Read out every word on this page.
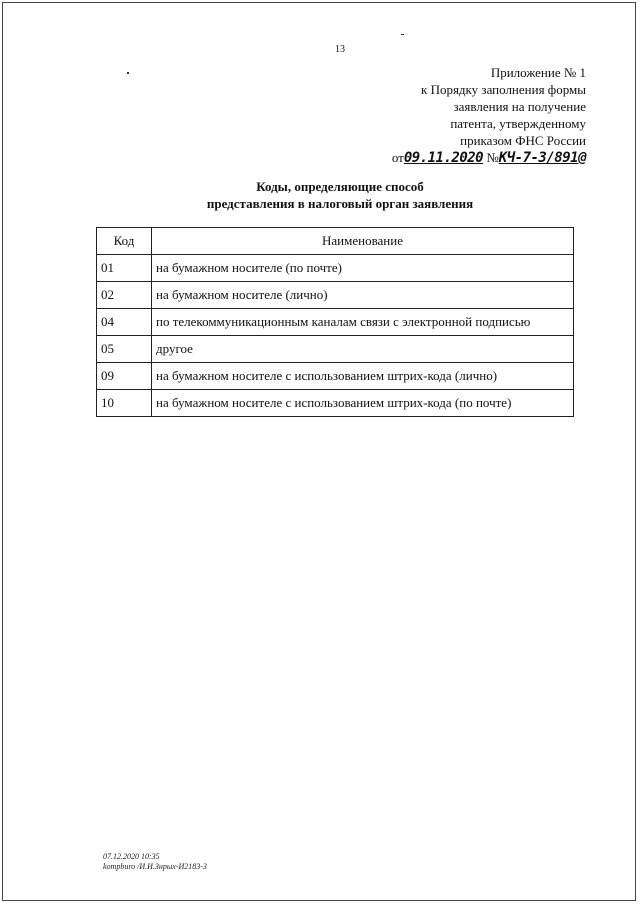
13
Приложение № 1
к Порядку заполнения формы
заявления на получение
патента, утвержденному
приказом ФНС России
от09.11.2020 №КЧ-7-3/891@
Коды, определяющие способ
представления в налоговый орган заявления
Код	Наименование
01	на бумажном носителе (по почте)
02	на бумажном носителе (лично)
04	по телекоммуникационным каналам связи с электронной подписью
05	другое
09	на бумажном носителе с использованием штрих-кода (лично)
10	на бумажном носителе с использованием штрих-кода (по почте)
07.12.2020 10:35
kompburo /И.И.Знрых-И2183-3
